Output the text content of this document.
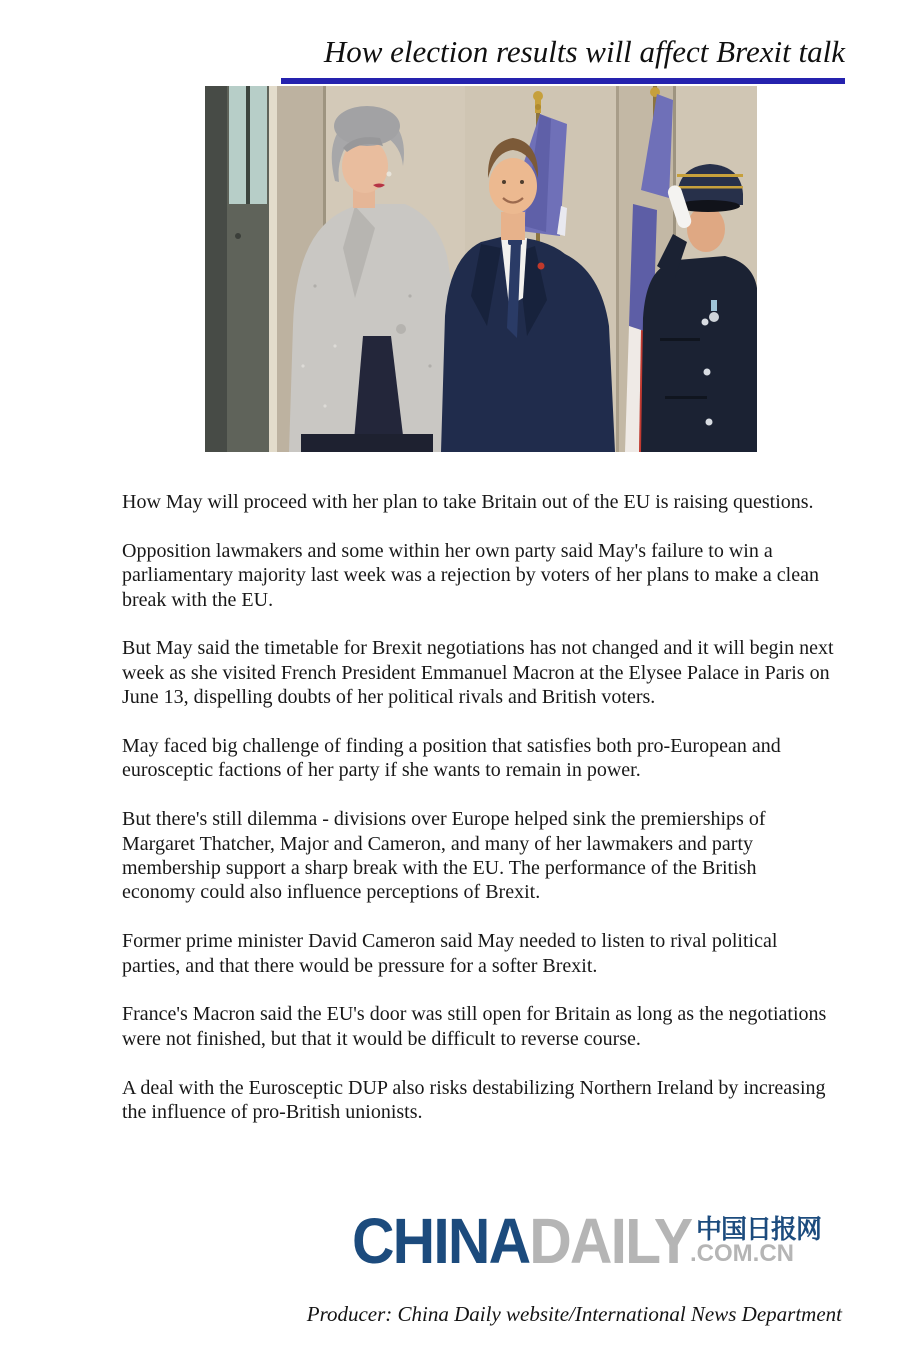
How election results will affect Brexit talk

How May will proceed with her plan to take Britain out of the EU is raising questions.

Opposition lawmakers and some within her own party said May's failure to win a parliamentary majority last week was a rejection by voters of her plans to make a clean break with the EU.

But May said the timetable for Brexit negotiations has not changed and it will begin next week as she visited French President Emmanuel Macron at the Elysee Palace in Paris on June 13, dispelling doubts of her political rivals and British voters.

May faced big challenge of finding a position that satisfies both pro-European and eurosceptic factions of her party if she wants to remain in power.

But there's still dilemma - divisions over Europe helped sink the premierships of Margaret Thatcher, Major and Cameron, and many of her lawmakers and party membership support a sharp break with the EU. The performance of the British economy could also influence perceptions of Brexit.

Former prime minister David Cameron said May needed to listen to rival political parties, and that there would be pressure for a softer Brexit.

France's Macron said the EU's door was still open for Britain as long as the negotiations were not finished, but that it would be difficult to reverse course.

A deal with the Eurosceptic DUP also risks destabilizing Northern Ireland by increasing the influence of pro-British unionists.

CHINA DAILY 中国日报网
.COM.CN
Producer: China Daily website/International News Department
